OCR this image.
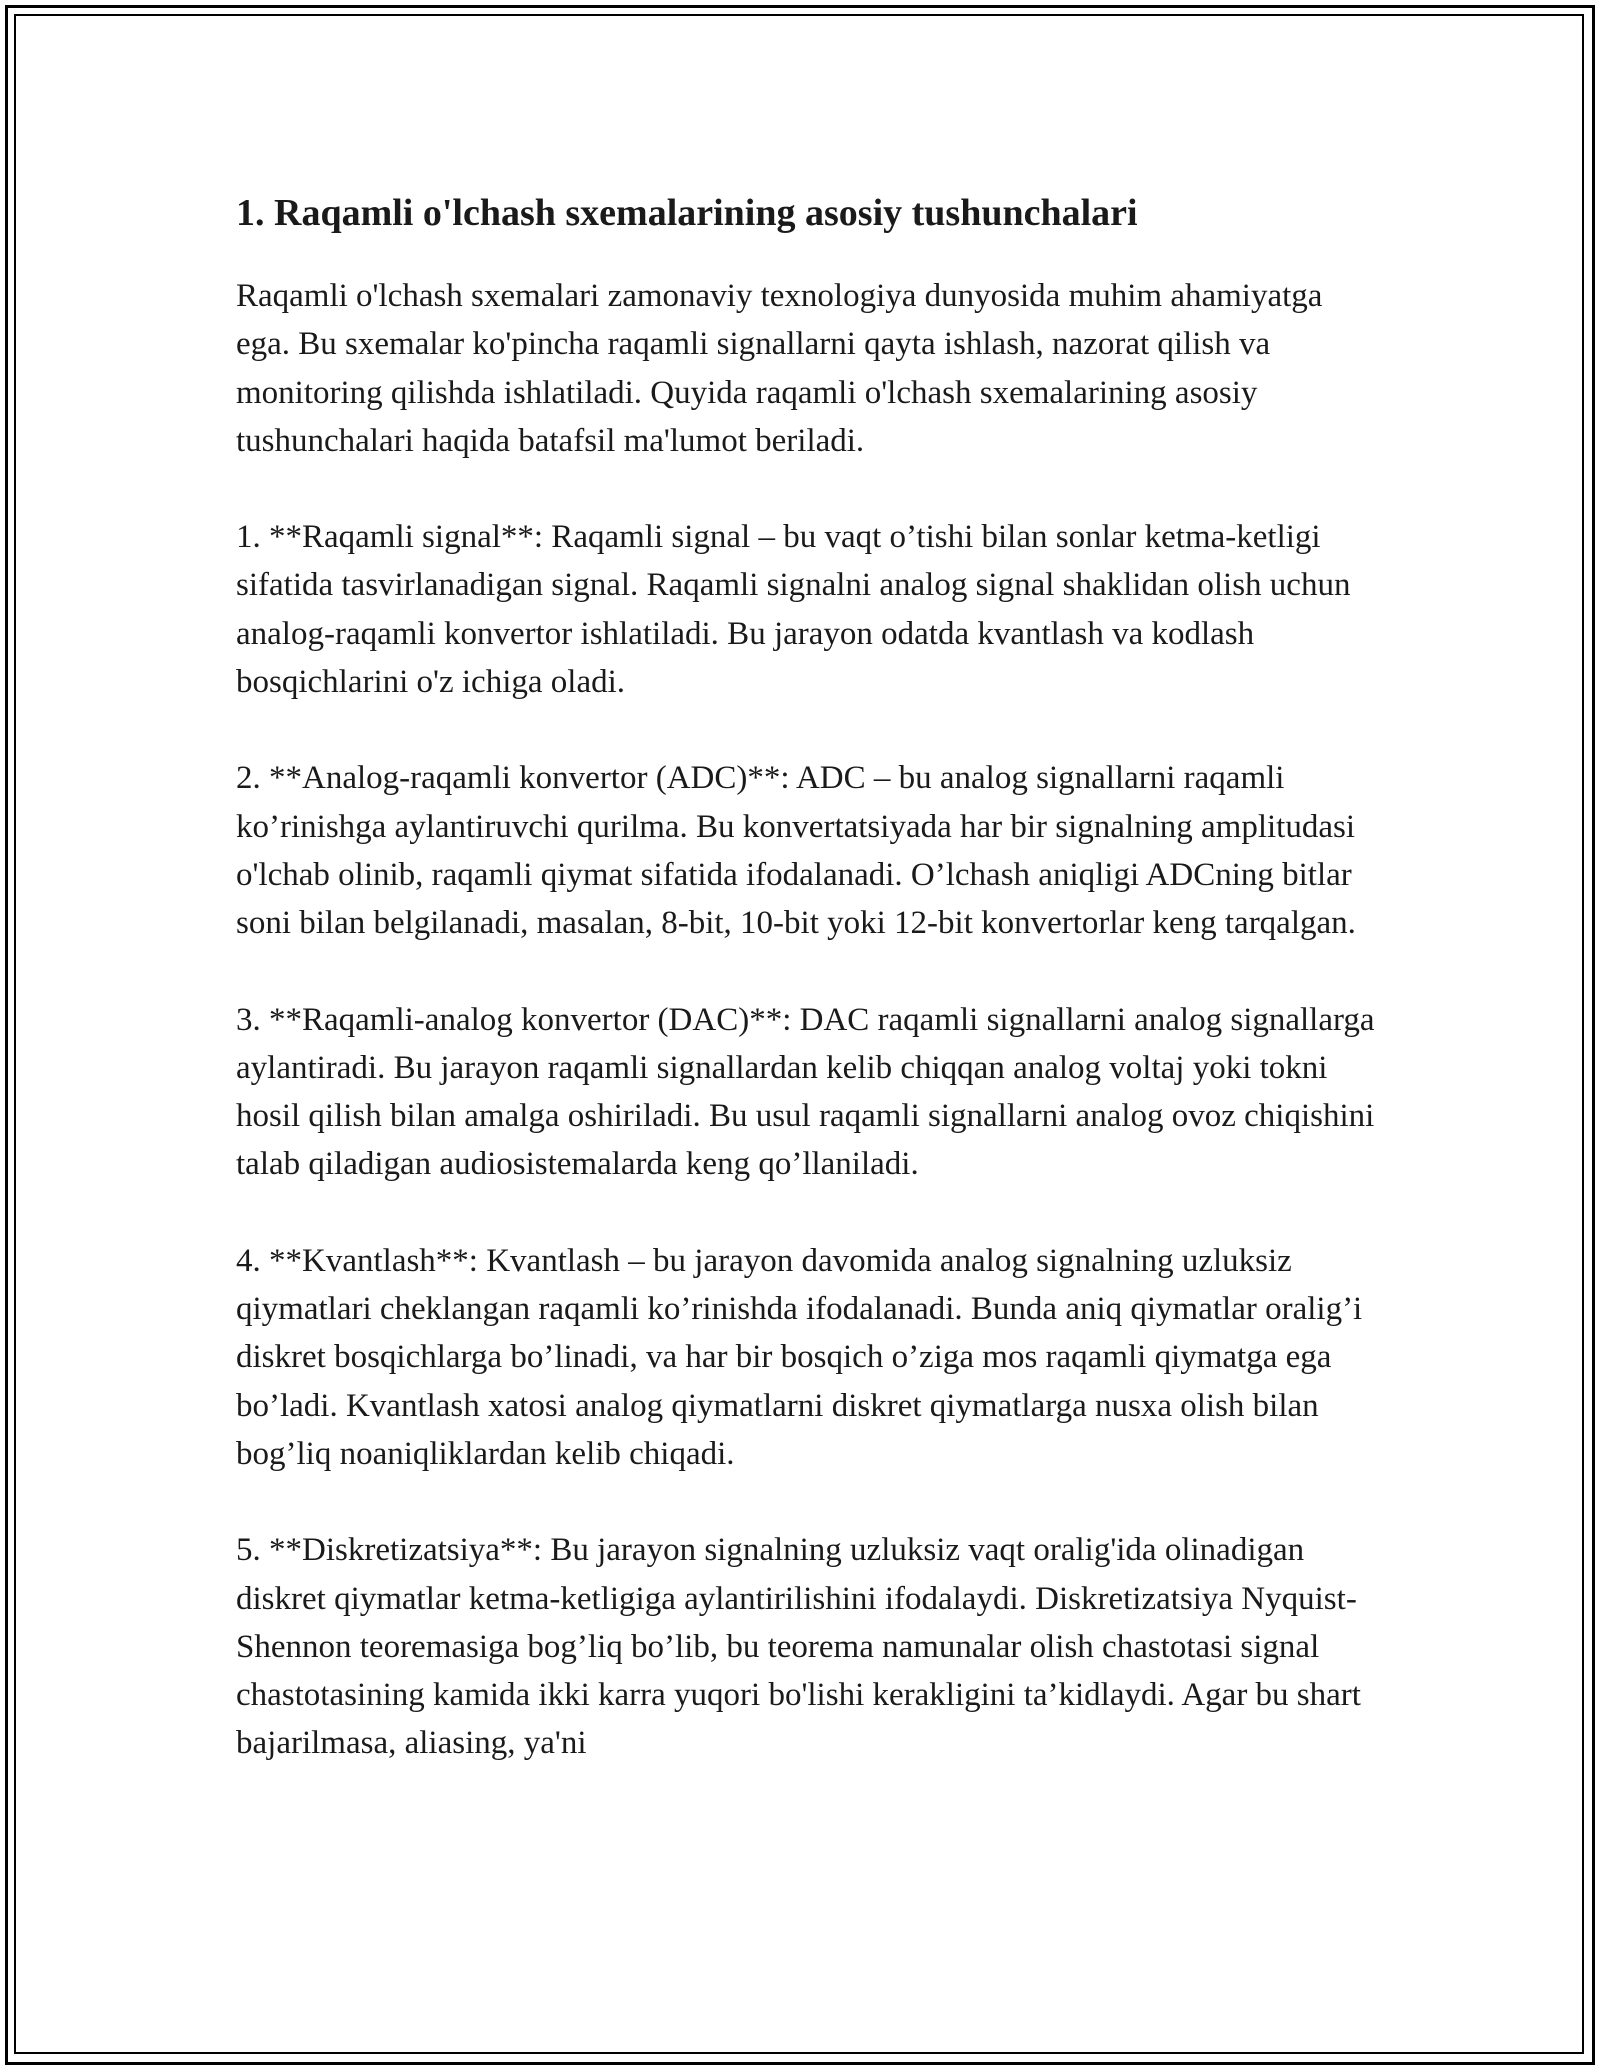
1. Raqamli o'lchash sxemalarining asosiy tushunchalari

Raqamli o'lchash sxemalari zamonaviy texnologiya dunyosida muhim ahamiyatga ega. Bu sxemalar ko'pincha raqamli signallarni qayta ishlash, nazorat qilish va monitoring qilishda ishlatiladi. Quyida raqamli o'lchash sxemalarining asosiy tushunchalari haqida batafsil ma'lumot beriladi.

1. **Raqamli signal**: Raqamli signal – bu vaqt o’tishi bilan sonlar ketma-ketligi sifatida tasvirlanadigan signal. Raqamli signalni analog signal shaklidan olish uchun analog-raqamli konvertor ishlatiladi. Bu jarayon odatda kvantlash va kodlash bosqichlarini o'z ichiga oladi.

2. **Analog-raqamli konvertor (ADC)**: ADC – bu analog signallarni raqamli ko’rinishga aylantiruvchi qurilma. Bu konvertatsiyada har bir signalning amplitudasi o'lchab olinib, raqamli qiymat sifatida ifodalanadi. O’lchash aniqligi ADCning bitlar soni bilan belgilanadi, masalan, 8-bit, 10-bit yoki 12-bit konvertorlar keng tarqalgan.

3. **Raqamli-analog konvertor (DAC)**: DAC raqamli signallarni analog signallarga aylantiradi. Bu jarayon raqamli signallardan kelib chiqqan analog voltaj yoki tokni hosil qilish bilan amalga oshiriladi. Bu usul raqamli signallarni analog ovoz chiqishini talab qiladigan audiosistemalarda keng qo’llaniladi.

4. **Kvantlash**: Kvantlash – bu jarayon davomida analog signalning uzluksiz qiymatlari cheklangan raqamli ko’rinishda ifodalanadi. Bunda aniq qiymatlar oralig’i diskret bosqichlarga bo’linadi, va har bir bosqich o’ziga mos raqamli qiymatga ega bo’ladi. Kvantlash xatosi analog qiymatlarni diskret qiymatlarga nusxa olish bilan bog’liq noaniqliklardan kelib chiqadi.

5. **Diskretizatsiya**: Bu jarayon signalning uzluksiz vaqt oralig'ida olinadigan diskret qiymatlar ketma-ketligiga aylantirilishini ifodalaydi. Diskretizatsiya Nyquist-Shennon teoremasiga bog’liq bo’lib, bu teorema namunalar olish chastotasi signal chastotasining kamida ikki karra yuqori bo'lishi kerakligini ta’kidlaydi. Agar bu shart bajarilmasa, aliasing, ya'ni
